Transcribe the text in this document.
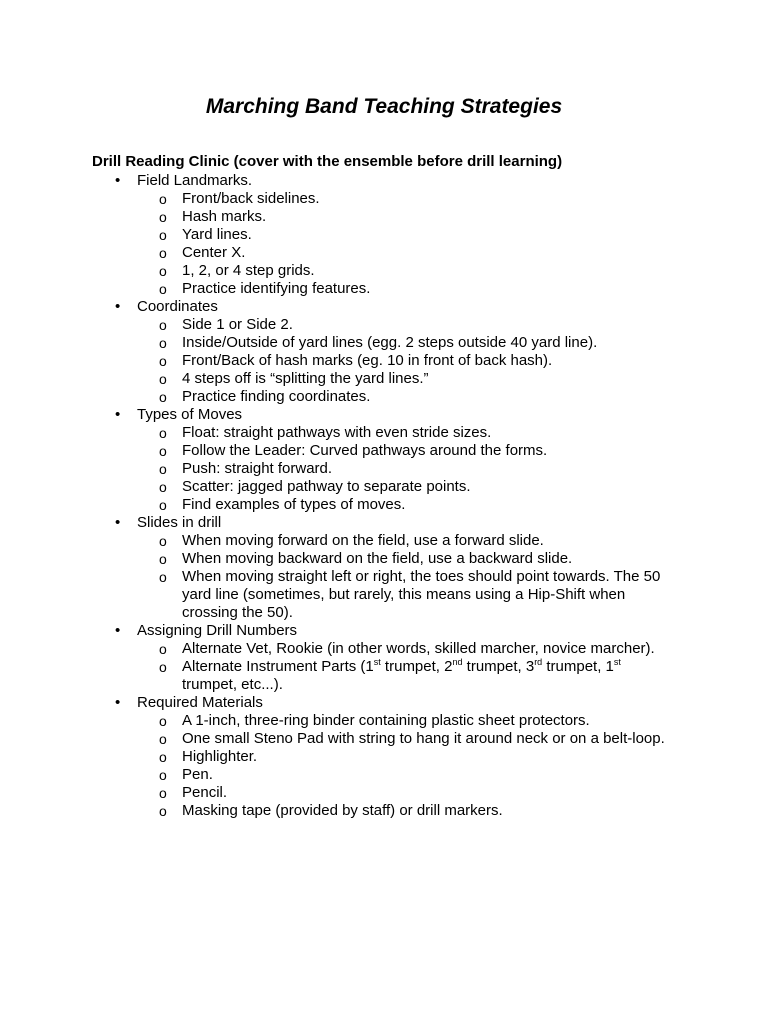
Marching Band Teaching Strategies
Drill Reading Clinic (cover with the ensemble before drill learning)
•	Field Landmarks.
o Front/back sidelines.
o Hash marks.
o Yard lines.
o Center X.
o 1, 2, or 4 step grids.
o Practice identifying features.
•	Coordinates
o Side 1 or Side 2.
o Inside/Outside of yard lines (egg. 2 steps outside 40 yard line).
o Front/Back of hash marks (eg. 10 in front of back hash).
o 4 steps off is “splitting the yard lines.”
o Practice finding coordinates.
•	Types of Moves
o Float: straight pathways with even stride sizes.
o Follow the Leader: Curved pathways around the forms.
o Push: straight forward.
o Scatter: jagged pathway to separate points.
o Find examples of types of moves.
•	Slides in drill
o When moving forward on the field, use a forward slide.
o When moving backward on the field, use a backward slide.
o When moving straight left or right, the toes should point towards. The 50 yard line (sometimes, but rarely, this means using a Hip-Shift when crossing the 50).
•	Assigning Drill Numbers
o Alternate Vet, Rookie (in other words, skilled marcher, novice marcher).
o Alternate Instrument Parts (1st trumpet, 2nd trumpet, 3rd trumpet, 1st trumpet, etc...).
•	Required Materials
o A 1-inch, three-ring binder containing plastic sheet protectors.
o One small Steno Pad with string to hang it around neck or on a belt-loop.
o Highlighter.
o Pen.
o Pencil.
o Masking tape (provided by staff) or drill markers.
